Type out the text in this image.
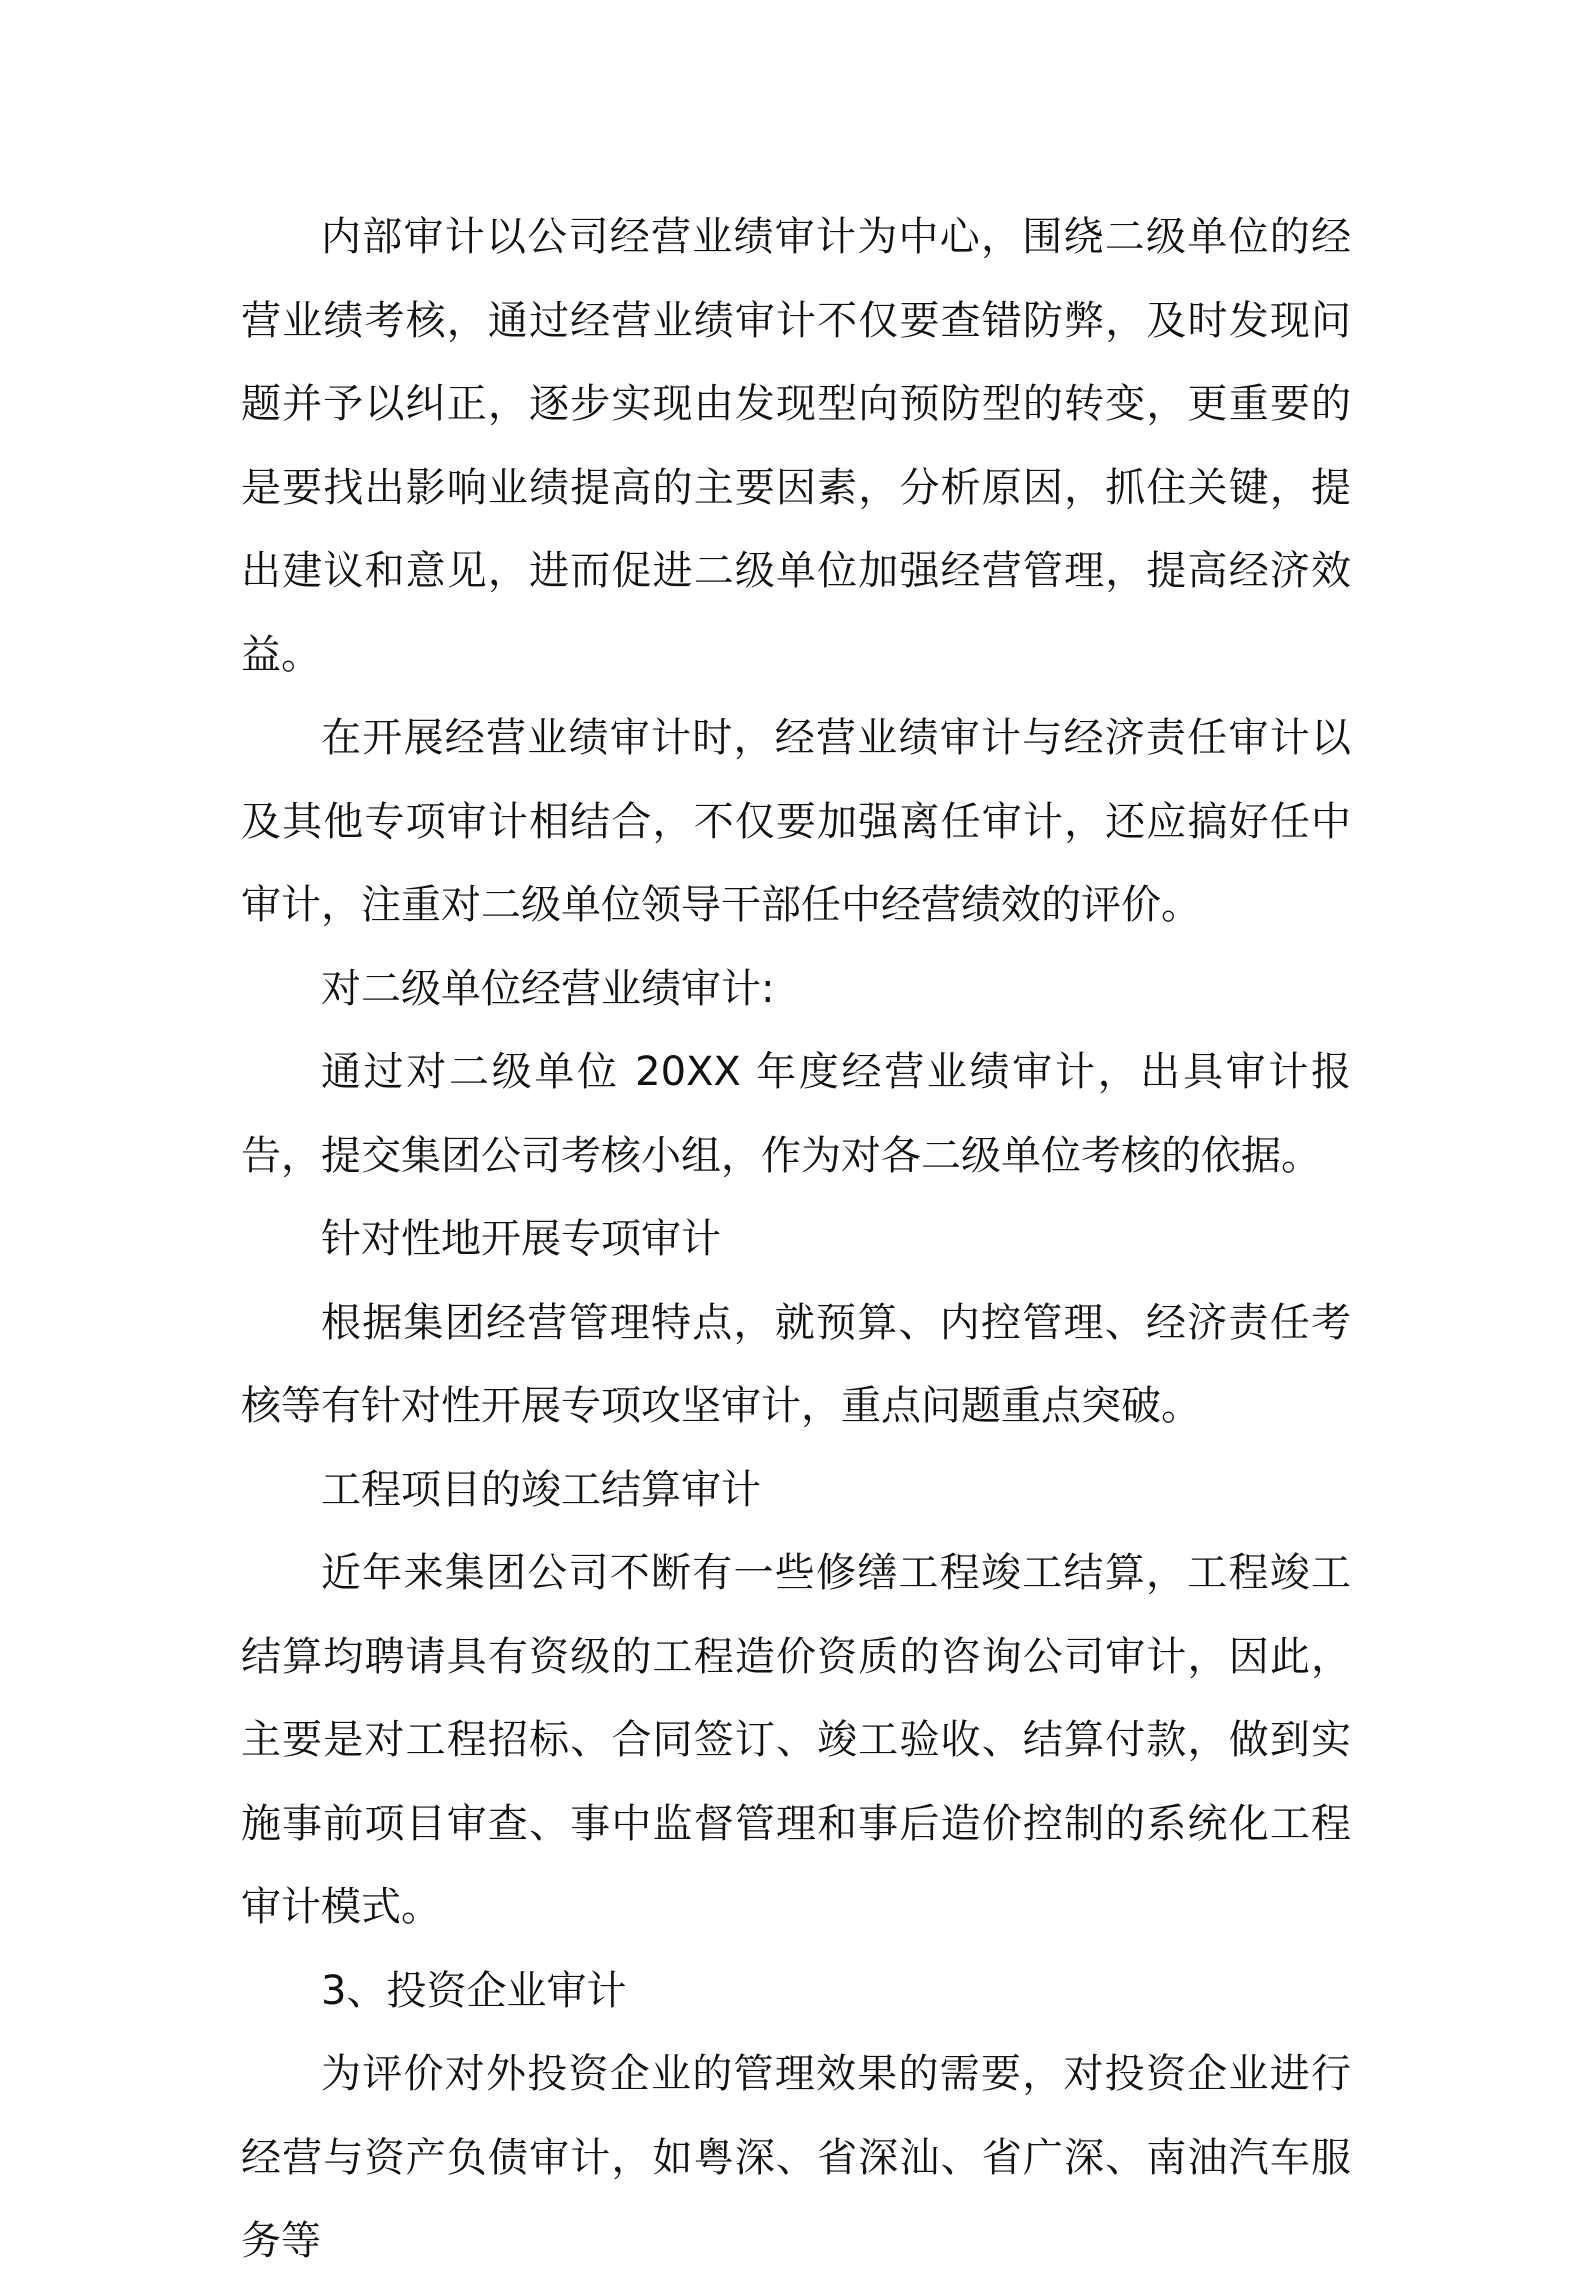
内部审计以公司经营业绩审计为中心，围绕二级单位的经营业绩考核，通过经营业绩审计不仅要查错防弊，及时发现问题并予以纠正，逐步实现由发现型向预防型的转变，更重要的是要找出影响业绩提高的主要因素，分析原因，抓住关键，提出建议和意见，进而促进二级单位加强经营管理，提高经济效益。

在开展经营业绩审计时，经营业绩审计与经济责任审计以及其他专项审计相结合，不仅要加强离任审计，还应搞好任中审计，注重对二级单位领导干部任中经营绩效的评价。

对二级单位经营业绩审计:

通过对二级单位 20XX 年度经营业绩审计，出具审计报告，提交集团公司考核小组，作为对各二级单位考核的依据。

针对性地开展专项审计

根据集团经营管理特点，就预算、内控管理、经济责任考核等有针对性开展专项攻坚审计，重点问题重点突破。

工程项目的竣工结算审计

近年来集团公司不断有一些修缮工程竣工结算，工程竣工结算均聘请具有资级的工程造价资质的咨询公司审计，因此，主要是对工程招标、合同签订、竣工验收、结算付款，做到实施事前项目审查、事中监督管理和事后造价控制的系统化工程审计模式。

3、投资企业审计

为评价对外投资企业的管理效果的需要，对投资企业进行经营与资产负债审计，如粤深、省深汕、省广深、南油汽车服务等
